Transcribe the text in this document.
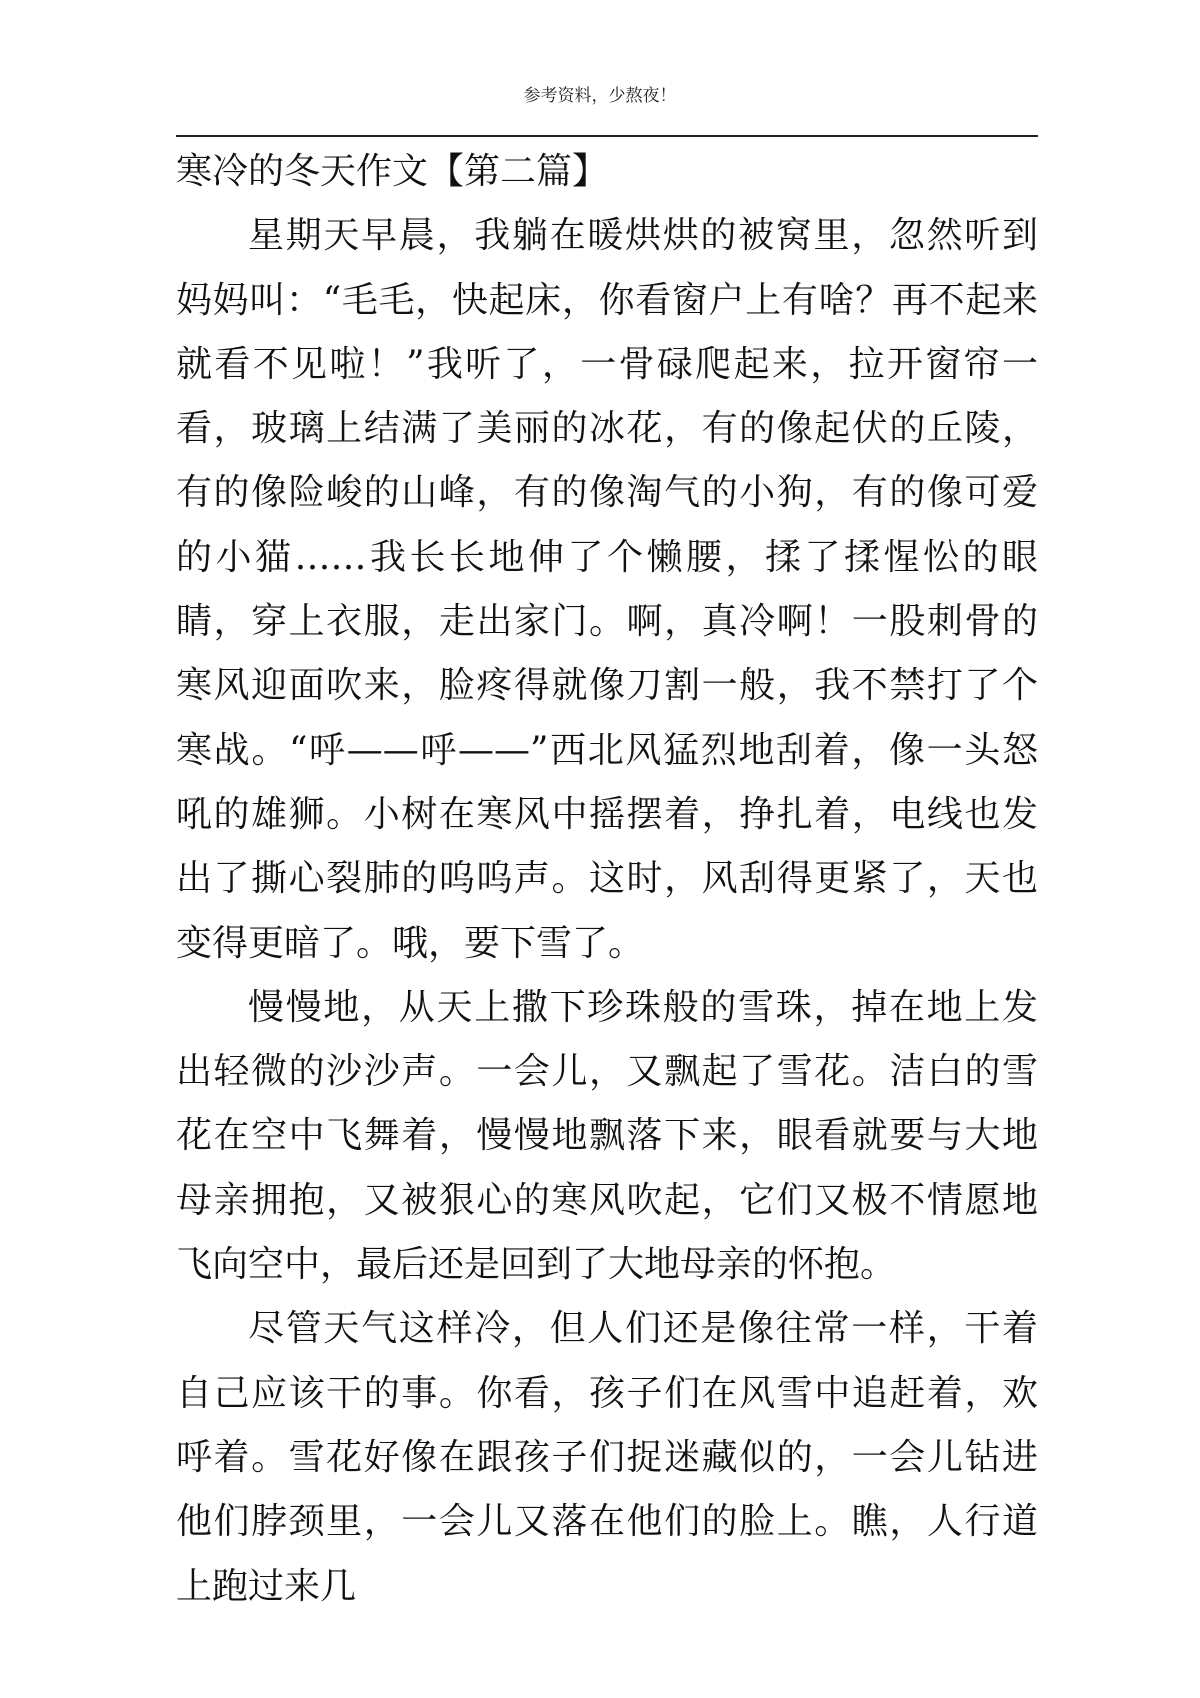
参考资料，少熬夜！
寒冷的冬天作文【第二篇】

星期天早晨，我躺在暖烘烘的被窝里，忽然听到妈妈叫：“毛毛，快起床，你看窗户上有啥？再不起来就看不见啦！”我听了，一骨碌爬起来，拉开窗帘一看，玻璃上结满了美丽的冰花，有的像起伏的丘陵，有的像险峻的山峰，有的像淘气的小狗，有的像可爱的小猫……我长长地伸了个懒腰，揉了揉惺忪的眼睛，穿上衣服，走出家门。啊，真冷啊！一股刺骨的寒风迎面吹来，脸疼得就像刀割一般，我不禁打了个寒战。“呼——呼——”西北风猛烈地刮着，像一头怒吼的雄狮。小树在寒风中摇摆着，挣扎着，电线也发出了撕心裂肺的呜呜声。这时，风刮得更紧了，天也变得更暗了。哦，要下雪了。

慢慢地，从天上撒下珍珠般的雪珠，掉在地上发出轻微的沙沙声。一会儿，又飘起了雪花。洁白的雪花在空中飞舞着，慢慢地飘落下来，眼看就要与大地母亲拥抱，又被狠心的寒风吹起，它们又极不情愿地飞向空中，最后还是回到了大地母亲的怀抱。

尽管天气这样冷，但人们还是像往常一样，干着自己应该干的事。你看，孩子们在风雪中追赶着，欢呼着。雪花好像在跟孩子们捉迷藏似的，一会儿钻进他们脖颈里，一会儿又落在他们的脸上。瞧，人行道上跑过来几
